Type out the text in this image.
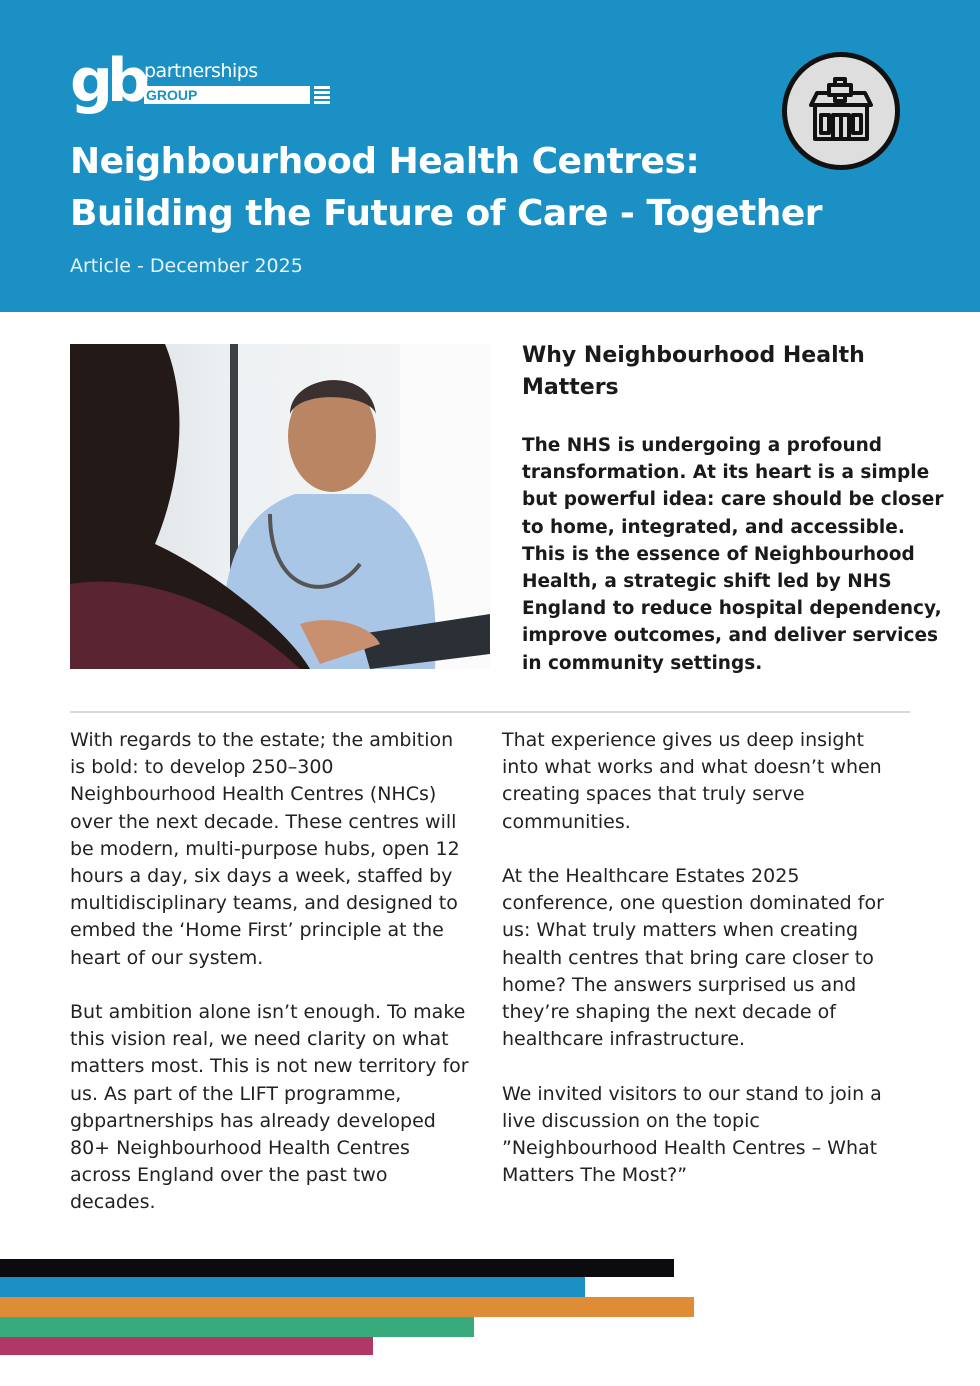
gb partnerships
GROUP
Neighbourhood Health Centres:
Building the Future of Care - Together
Article - December 2025
Why Neighbourhood Health
Matters
The NHS is undergoing a profound
transformation. At its heart is a simple
but powerful idea: care should be closer
to home, integrated, and accessible.
This is the essence of Neighbourhood
Health, a strategic shift led by NHS
England to reduce hospital dependency,
improve outcomes, and deliver services
in community settings.

With regards to the estate; the ambition
is bold: to develop 250–300
Neighbourhood Health Centres (NHCs)
over the next decade. These centres will
be modern, multi-purpose hubs, open 12
hours a day, six days a week, staffed by
multidisciplinary teams, and designed to
embed the ‘Home First’ principle at the
heart of our system.

But ambition alone isn’t enough. To make
this vision real, we need clarity on what
matters most. This is not new territory for
us. As part of the LIFT programme,
gbpartnerships has already developed
80+ Neighbourhood Health Centres
across England over the past two
decades.

That experience gives us deep insight
into what works and what doesn’t when
creating spaces that truly serve
communities.

At the Healthcare Estates 2025
conference, one question dominated for
us: What truly matters when creating
health centres that bring care closer to
home? The answers surprised us and
they’re shaping the next decade of
healthcare infrastructure.

We invited visitors to our stand to join a
live discussion on the topic
”Neighbourhood Health Centres – What
Matters The Most?”
